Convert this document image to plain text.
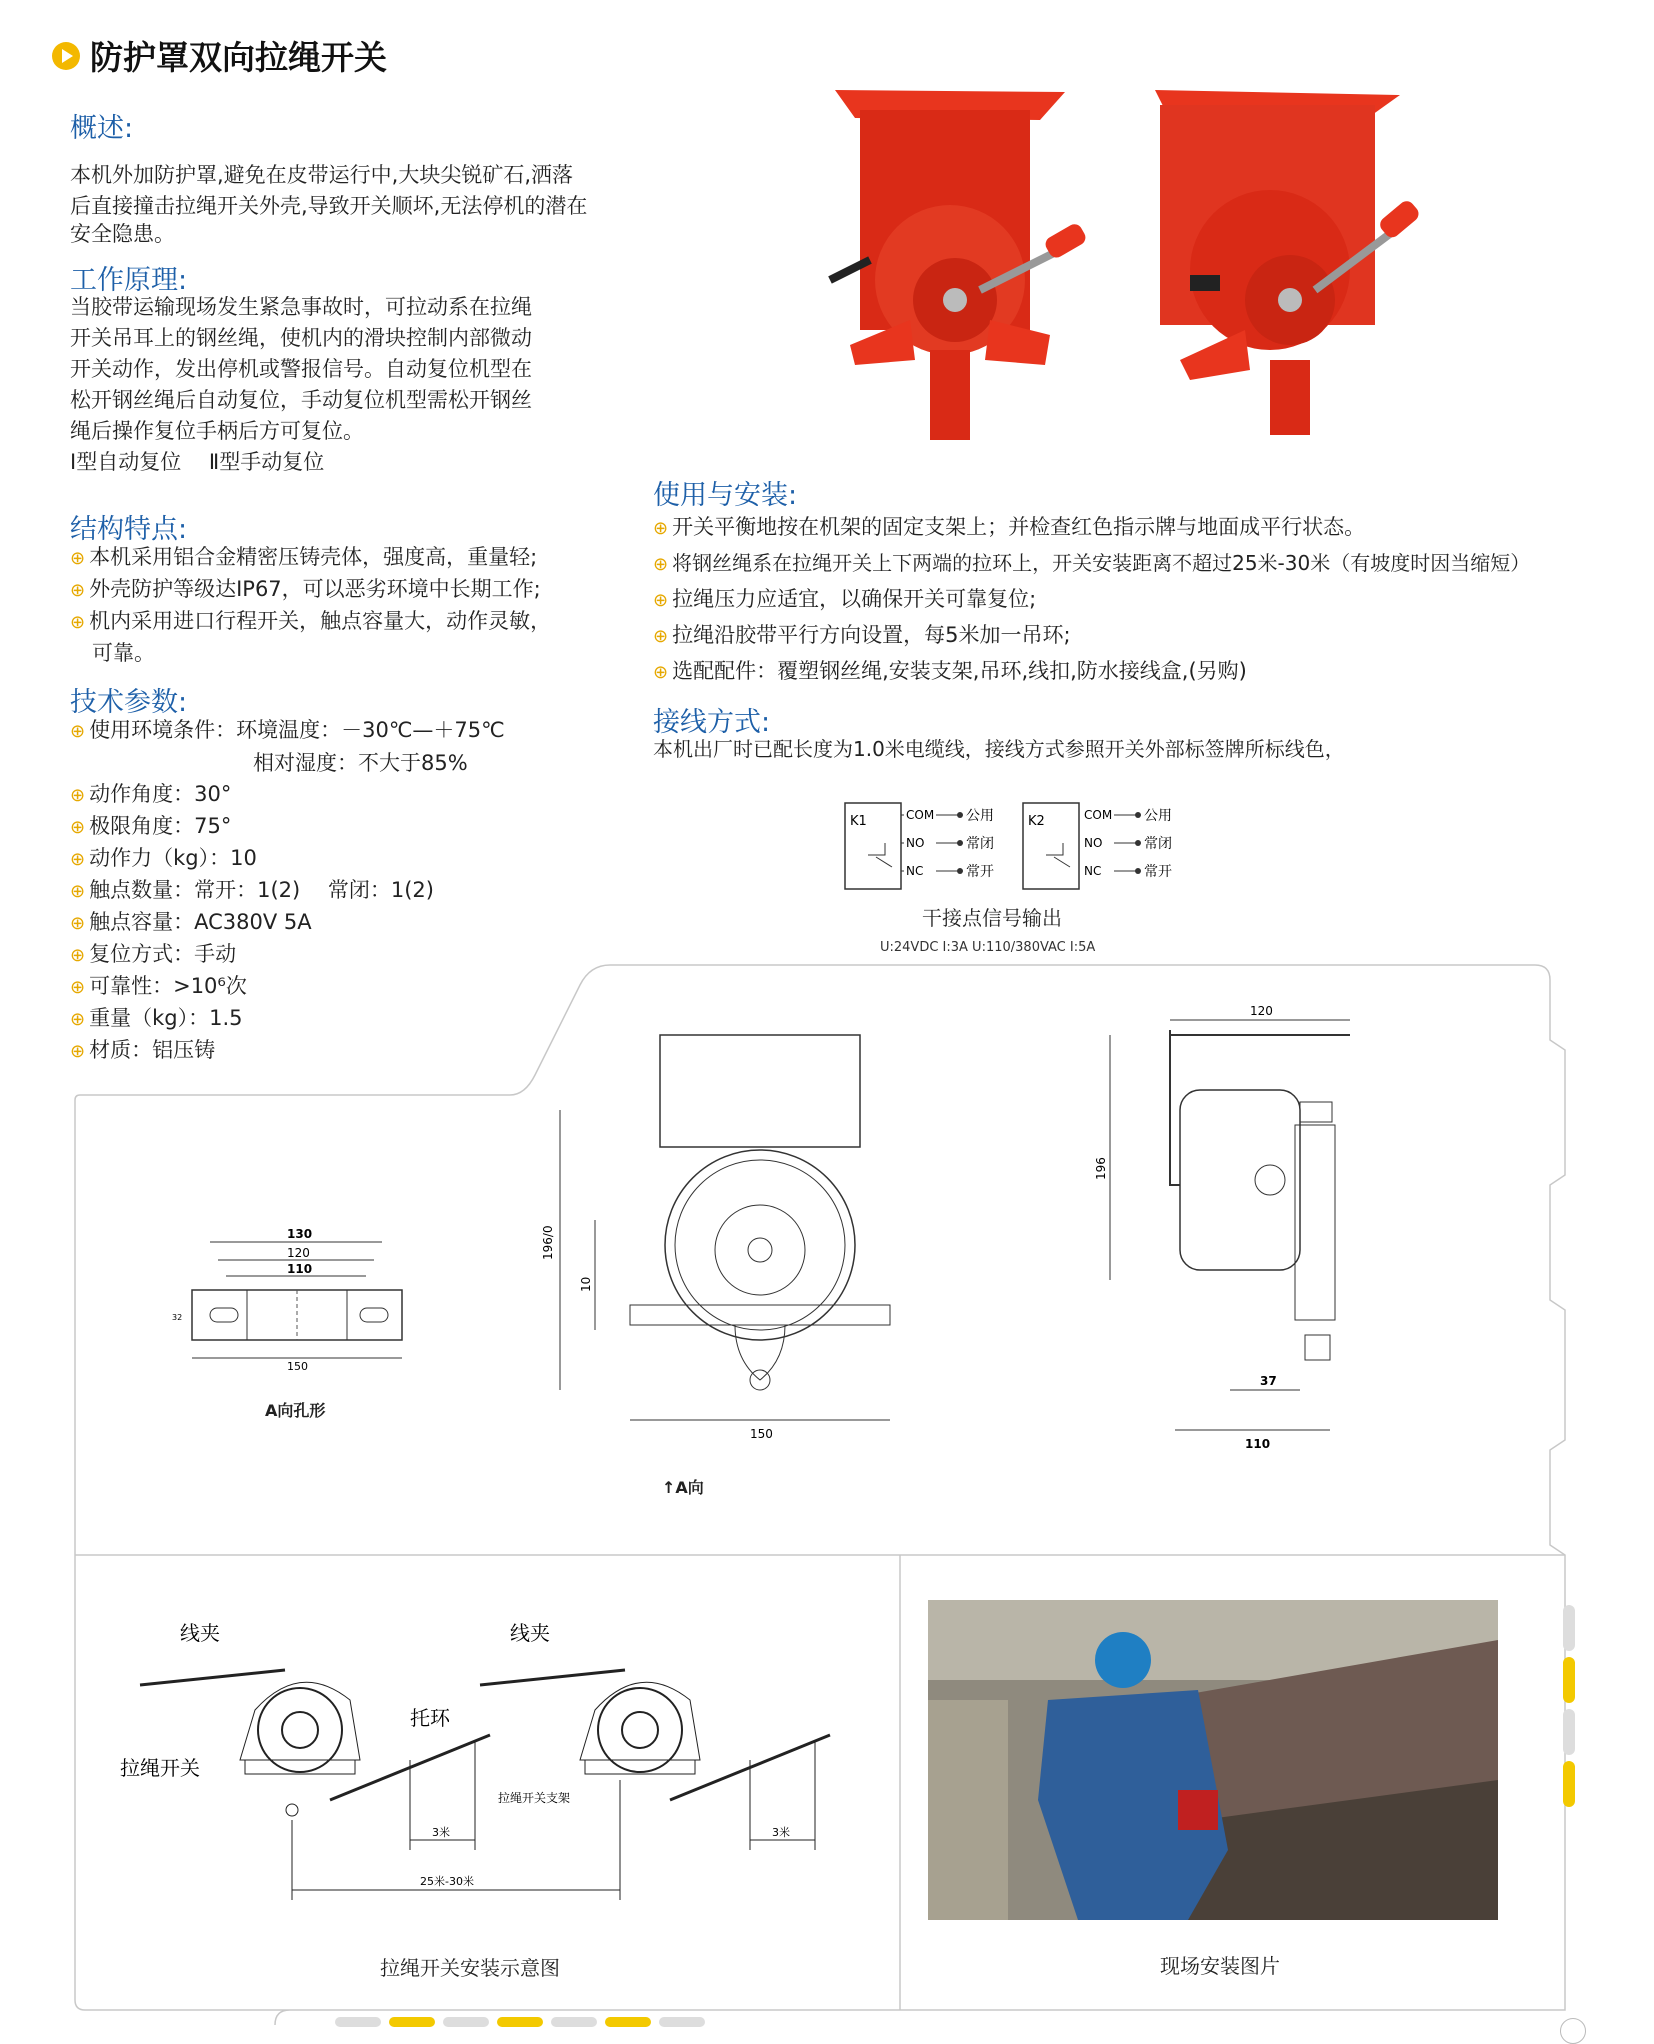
防护罩双向拉绳开关
概述:
本机外加防护罩,避免在皮带运行中,大块尖锐矿石,洒落
后直接撞击拉绳开关外壳,导致开关顺坏,无法停机的潜在
安全隐患。
工作原理:
当胶带运输现场发生紧急事故时，可拉动系在拉绳
开关吊耳上的钢丝绳，使机内的滑块控制内部微动
开关动作，发出停机或警报信号。自动复位机型在
松开钢丝绳后自动复位，手动复位机型需松开钢丝
绳后操作复位手柄后方可复位。
Ⅰ型自动复位　 Ⅱ型手动复位
结构特点:
⊕ 本机采用铝合金精密压铸壳体，强度高，重量轻;
⊕ 外壳防护等级达IP67，可以恶劣环境中长期工作;
⊕ 机内采用进口行程开关，触点容量大，动作灵敏，
可靠。
技术参数:
⊕ 使用环境条件：环境温度：－30℃—＋75℃
相对湿度：不大于85%
⊕ 动作角度：30°
⊕ 极限角度：75°
⊕ 动作力（kg）：10
⊕ 触点数量：常开：1(2)　 常闭：1(2)
⊕ 触点容量：AC380V 5A
⊕ 复位方式：手动
⊕ 可靠性：>10⁶次
⊕ 重量（kg）：1.5
⊕ 材质：铝压铸
使用与安装:
⊕ 开关平衡地按在机架的固定支架上；并检查红色指示牌与地面成平行状态。
⊕ 将钢丝绳系在拉绳开关上下两端的拉环上，开关安装距离不超过25米-30米（有坡度时因当缩短）
⊕ 拉绳压力应适宜，以确保开关可靠复位;
⊕ 拉绳沿胶带平行方向设置，每5米加一吊环;
⊕ 选配配件：覆塑钢丝绳,安装支架,吊环,线扣,防水接线盒,(另购)
接线方式:
本机出厂时已配长度为1.0米电缆线，接线方式参照开关外部标签牌所标线色，
K1	COM
NO
NC
公用
常闭
常开
K2	COM
NO
NC
公用
常闭
常开
干接点信号输出
U:24VDC I:3A U:110/380VAC I:5A
130
120
110
150
32
A向孔形
196/0
10
150
↑A向
120
196
37
110
3米	3米
25米-30米
线夹	线夹
托环
拉绳开关
拉绳开关支架
拉绳开关安装示意图	现场安装图片
